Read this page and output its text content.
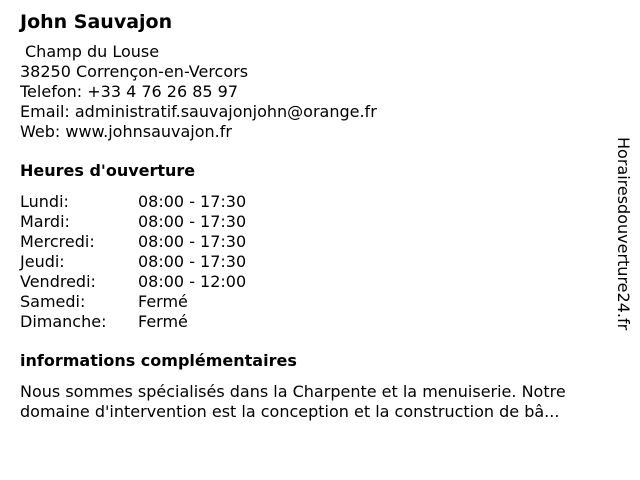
John Sauvajon
Champ du Louse
38250 Corrençon-en-Vercors
Telefon: +33 4 76 26 85 97
Email: administratif.sauvajonjohn@orange.fr
Web: www.johnsauvajon.fr
Heures d'ouverture
Lundi:	08:00 - 17:30
Mardi:	08:00 - 17:30
Mercredi:	08:00 - 17:30
Jeudi:	08:00 - 17:30
Vendredi:	08:00 - 12:00
Samedi:	Fermé
Dimanche:	Fermé
informations complémentaires
Nous sommes spécialisés dans la Charpente et la menuiserie. Notre domaine d'intervention est la conception et la construction de bâ...
Horairesdouverture24.fr
